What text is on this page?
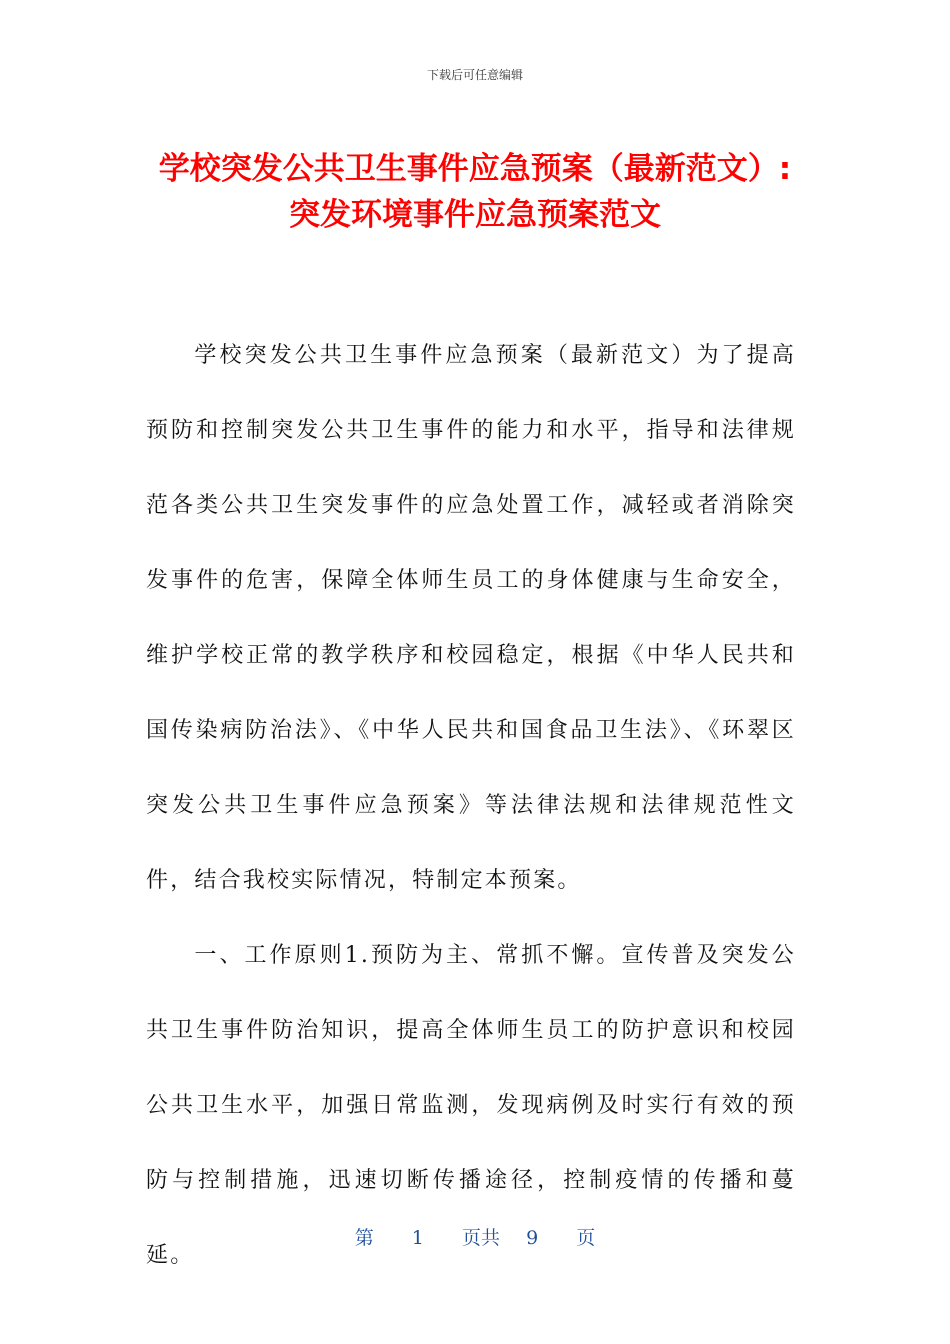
下载后可任意编辑
学校突发公共卫生事件应急预案（最新范文）:突发环境事件应急预案范文

学校突发公共卫生事件应急预案（最新范文）为了提高预防和控制突发公共卫生事件的能力和水平，指导和法律规范各类公共卫生突发事件的应急处置工作，减轻或者消除突发事件的危害，保障全体师生员工的身体健康与生命安全，维护学校正常的教学秩序和校园稳定，根据《中华人民共和国传染病防治法》、《中华人民共和国食品卫生法》、《环翠区突发公共卫生事件应急预案》等法律法规和法律规范性文件，结合我校实际情况，特制定本预案。

一、工作原则1.预防为主、常抓不懈。宣传普及突发公共卫生事件防治知识，提高全体师生员工的防护意识和校园公共卫生水平，加强日常监测，发现病例及时实行有效的预防与控制措施，迅速切断传播途径，控制疫情的传播和蔓延。

第 1 页共 9 页
